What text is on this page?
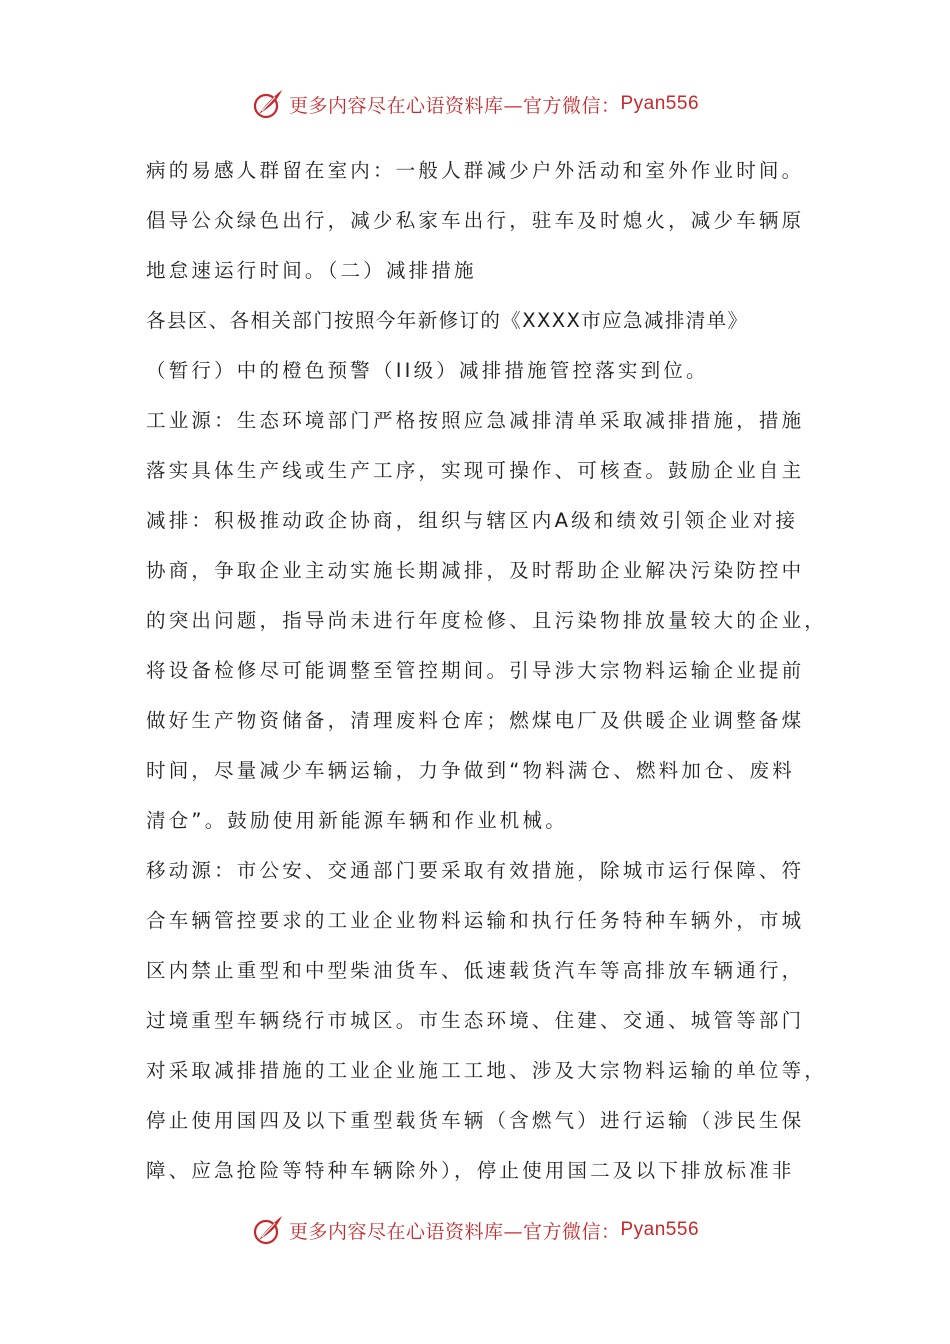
更多内容尽在心语资料库—官方微信： Pyan556
病的易感人群留在室内：一般人群减少户外活动和室外作业时间。
倡导公众绿色出行，减少私家车出行，驻车及时熄火，减少车辆原
地怠速运行时间。（二）减排措施
各县区、各相关部门按照今年新修订的《XXXX市应急减排清单》
（暂行）中的橙色预警（II级）减排措施管控落实到位。
工业源：生态环境部门严格按照应急减排清单采取减排措施，措施
落实具体生产线或生产工序，实现可操作、可核查。鼓励企业自主
减排：积极推动政企协商，组织与辖区内A级和绩效引领企业对接
协商，争取企业主动实施长期减排，及时帮助企业解决污染防控中
的突出问题，指导尚未进行年度检修、且污染物排放量较大的企业，
将设备检修尽可能调整至管控期间。引导涉大宗物料运输企业提前
做好生产物资储备，清理废料仓库；燃煤电厂及供暖企业调整备煤
时间，尽量减少车辆运输，力争做到“物料满仓、燃料加仓、废料
清仓”。鼓励使用新能源车辆和作业机械。
移动源：市公安、交通部门要采取有效措施，除城市运行保障、符
合车辆管控要求的工业企业物料运输和执行任务特种车辆外，市城
区内禁止重型和中型柴油货车、低速载货汽车等高排放车辆通行，
过境重型车辆绕行市城区。市生态环境、住建、交通、城管等部门
对采取减排措施的工业企业施工工地、涉及大宗物料运输的单位等，
停止使用国四及以下重型载货车辆（含燃气）进行运输（涉民生保
障、应急抢险等特种车辆除外），停止使用国二及以下排放标准非
更多内容尽在心语资料库—官方微信： Pyan556
